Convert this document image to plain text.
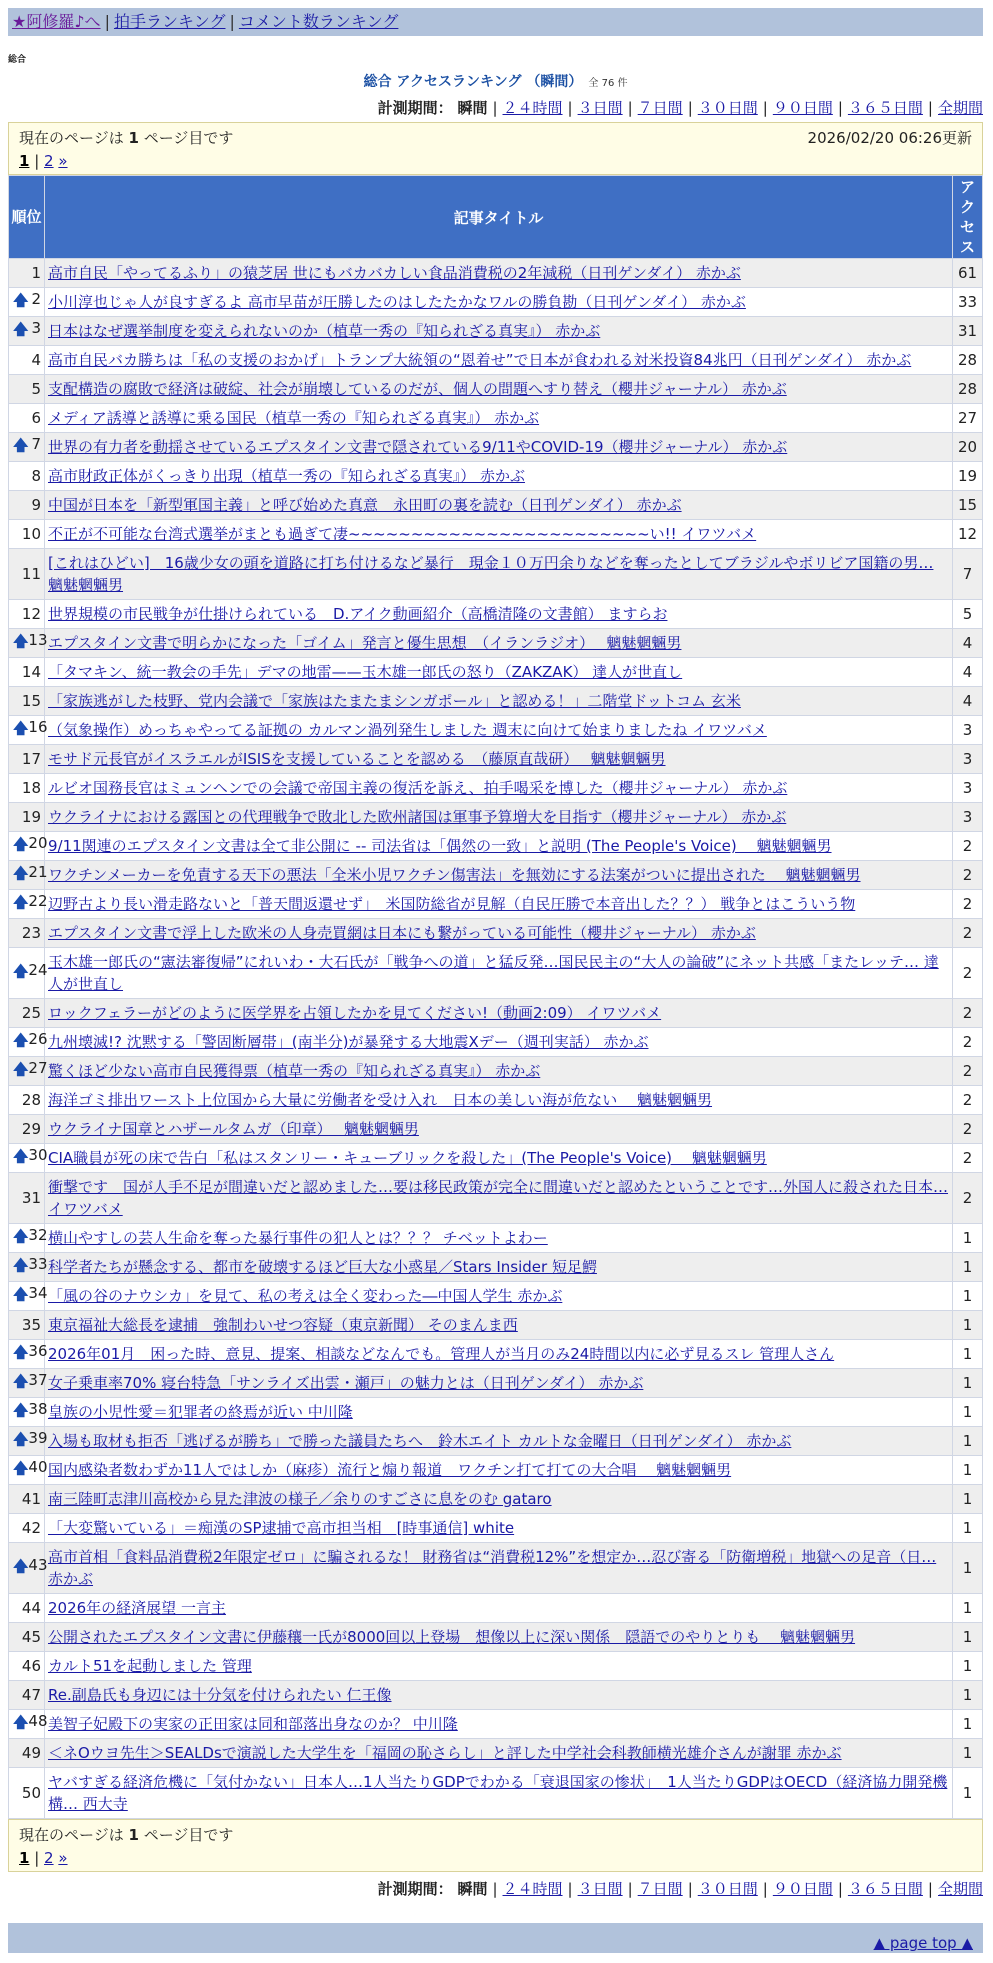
★阿修羅♪へ | 拍手ランキング | コメント数ランキング
総合
総合 アクセスランキング （瞬間） 全 76 件
計測期間： 瞬間 | ２４時間 | ３日間 | ７日間 | ３０日間 | ９０日間 | ３６５日間 | 全期間
現在のページは 1 ページ目です	2026/02/20 06:26更新
1 | 2 »
順位	記事タイトル	アクセス
1	高市自民「やってるふり」の猿芝居 世にもバカバカしい食品消費税の2年減税（日刊ゲンダイ） 赤かぶ	61

🡅 2	小川淳也じゃ人が良すぎるよ 高市早苗が圧勝したのはしたたかなワルの勝負勘（日刊ゲンダイ） 赤かぶ	33

🡅 3	日本はなぜ選挙制度を変えられないのか（植草一秀の『知られざる真実』） 赤かぶ	31
4	高市自民バカ勝ちは「私の支援のおかげ」トランプ大統領の“恩着せ”で日本が食われる対米投資84兆円（日刊ゲンダイ） 赤かぶ	28
5	支配構造の腐敗で経済は破綻、社会が崩壊しているのだが、個人の問題へすり替え（櫻井ジャーナル） 赤かぶ	28
6	メディア誘導と誘導に乗る国民（植草一秀の『知られざる真実』） 赤かぶ	27

🡅 7	世界の有力者を動揺させているエプスタイン文書で隠されている9/11やCOVID-19（櫻井ジャーナル） 赤かぶ	20
8	高市財政正体がくっきり出現（植草一秀の『知られざる真実』） 赤かぶ	19
9	中国が日本を「新型軍国主義」と呼び始めた真意　永田町の裏を読む（日刊ゲンダイ） 赤かぶ	15
10	不正が不可能な台湾式選挙がまとも過ぎて凄~~~~~~~~~~~~~~~~~~~~~~~~い!! イワツバメ	12
11	[これはひどい]　16歳少女の頭を道路に打ち付けるなど暴行　現金１０万円余りなどを奪ったとしてブラジルやボリビア国籍の男… 魑魅魍魎男	7
12	世界規模の市民戦争が仕掛けられている　D.アイク動画紹介（高橋清隆の文書館） ますらお	5

🡅 13	エプスタイン文書で明らかになった「ゴイム」発言と優生思想　（イランラジオ）　 魑魅魍魎男	4
14	「タマキン、統一教会の手先」デマの地雷——玉木雄一郎氏の怒り（ZAKZAK） 達人が世直し	4
15	「家族逃がした枝野、党内会議で「家族はたまたまシンガポール」と認める！」二階堂ドットコム 玄米	4

🡅 16	（気象操作）めっちゃやってる証拠の カルマン渦列発生しました 週末に向けて始まりましたね イワツバメ	3
17	モサド元長官がイスラエルがISISを支援していることを認める　（藤原直哉研）　 魑魅魍魎男	3
18	ルビオ国務長官はミュンヘンでの会議で帝国主義の復活を訴え、拍手喝采を博した（櫻井ジャーナル） 赤かぶ	3
19	ウクライナにおける露国との代理戦争で敗北した欧州諸国は軍事予算増大を目指す（櫻井ジャーナル） 赤かぶ	3

🡅 20	9/11関連のエプスタイン文書は全て非公開に -- 司法省は「偶然の一致」と説明 (The People's Voice)　 魑魅魍魎男	2

🡅 21	ワクチンメーカーを免責する天下の悪法「全米小児ワクチン傷害法」を無効にする法案がついに提出された　 魑魅魍魎男	2

🡅 22	辺野古より長い滑走路ないと「普天間返還せず」　米国防総省が見解（自民圧勝で本音出した？？） 戦争とはこういう物	2
23	エプスタイン文書で浮上した欧米の人身売買網は日本にも繋がっている可能性（櫻井ジャーナル） 赤かぶ	2

🡅 24	玉木雄一郎氏の“憲法審復帰”にれいわ・大石氏が「戦争への道」と猛反発…国民民主の“大人の論破”にネット共感「またレッテ… 達人が世直し	2
25	ロックフェラーがどのように医学界を占領したかを見てください!（動画2:09） イワツバメ	2

🡅 26	九州壊滅!? 沈黙する「警固断層帯」(南半分)が暴発する大地震Xデー（週刊実話） 赤かぶ	2

🡅 27	驚くほど少ない高市自民獲得票（植草一秀の『知られざる真実』） 赤かぶ	2
28	海洋ゴミ排出ワースト上位国から大量に労働者を受け入れ　日本の美しい海が危ない　 魑魅魍魎男	2
29	ウクライナ国章とハザールタムガ（印章）　 魑魅魍魎男	2

🡅 30	CIA職員が死の床で告白「私はスタンリー・キューブリックを殺した」(The People's Voice)　 魑魅魍魎男	2
31	衝撃です　国が人手不足が間違いだと認めました…要は移民政策が完全に間違いだと認めたということです…外国人に殺された日本… イワツバメ	2

🡅 32	横山やすしの芸人生命を奪った暴行事件の犯人とは？？？ チベットよわー	1

🡅 33	科学者たちが懸念する、都市を破壊するほど巨大な小惑星／Stars Insider 短足鰐	1

🡅 34	「風の谷のナウシカ」を見て、私の考えは全く変わった―中国人学生 赤かぶ	1
35	東京福祉大総長を逮捕　強制わいせつ容疑（東京新聞） そのまんま西	1

🡅 36	2026年01月　困った時、意見、提案、相談などなんでも。管理人が当月のみ24時間以内に必ず見るスレ 管理人さん	1

🡅 37	女子乗車率70% 寝台特急「サンライズ出雲・瀬戸」の魅力とは（日刊ゲンダイ） 赤かぶ	1

🡅 38	皇族の小児性愛＝犯罪者の終焉が近い 中川隆	1

🡅 39	入場も取材も拒否「逃げるが勝ち」で勝った議員たちへ　鈴木エイト カルトな金曜日（日刊ゲンダイ） 赤かぶ	1

🡅 40	国内感染者数わずか11人ではしか（麻疹）流行と煽り報道　ワクチン打て打ての大合唱　 魑魅魍魎男	1
41	南三陸町志津川高校から見た津波の様子／余りのすごさに息をのむ gataro	1
42	「大変驚いている」＝痴漢のSP逮捕で高市担当相　[時事通信] white	1

🡅 43	高市首相「食料品消費税2年限定ゼロ」に騙されるな！ 財務省は“消費税12%”を想定か…忍び寄る「防衛増税」地獄への足音（日… 赤かぶ	1
44	2026年の経済展望 一言主	1
45	公開されたエプスタイン文書に伊藤穰一氏が8000回以上登場　想像以上に深い関係　隠語でのやりとりも　 魑魅魍魎男	1
46	カルト51を起動しました 管理	1
47	Re.副島氏も身辺には十分気を付けられたい 仁王像	1

🡅 48	美智子妃殿下の実家の正田家は同和部落出身なのか？ 中川隆	1
49	＜ネOウヨ先生＞SEALDsで演説した大学生を「福岡の恥さらし」と評した中学社会科教師横光雄介さんが謝罪 赤かぶ	1
50	ヤバすぎる経済危機に「気付かない」日本人…1人当たりGDPでわかる「衰退国家の惨状」　1人当たりGDPはOECD（経済協力開発機構… 西大寺	1
現在のページは 1 ページ目です
1 | 2 »
計測期間： 瞬間 | ２４時間 | ３日間 | ７日間 | ３０日間 | ９０日間 | ３６５日間 | 全期間
▲ page top ▲
